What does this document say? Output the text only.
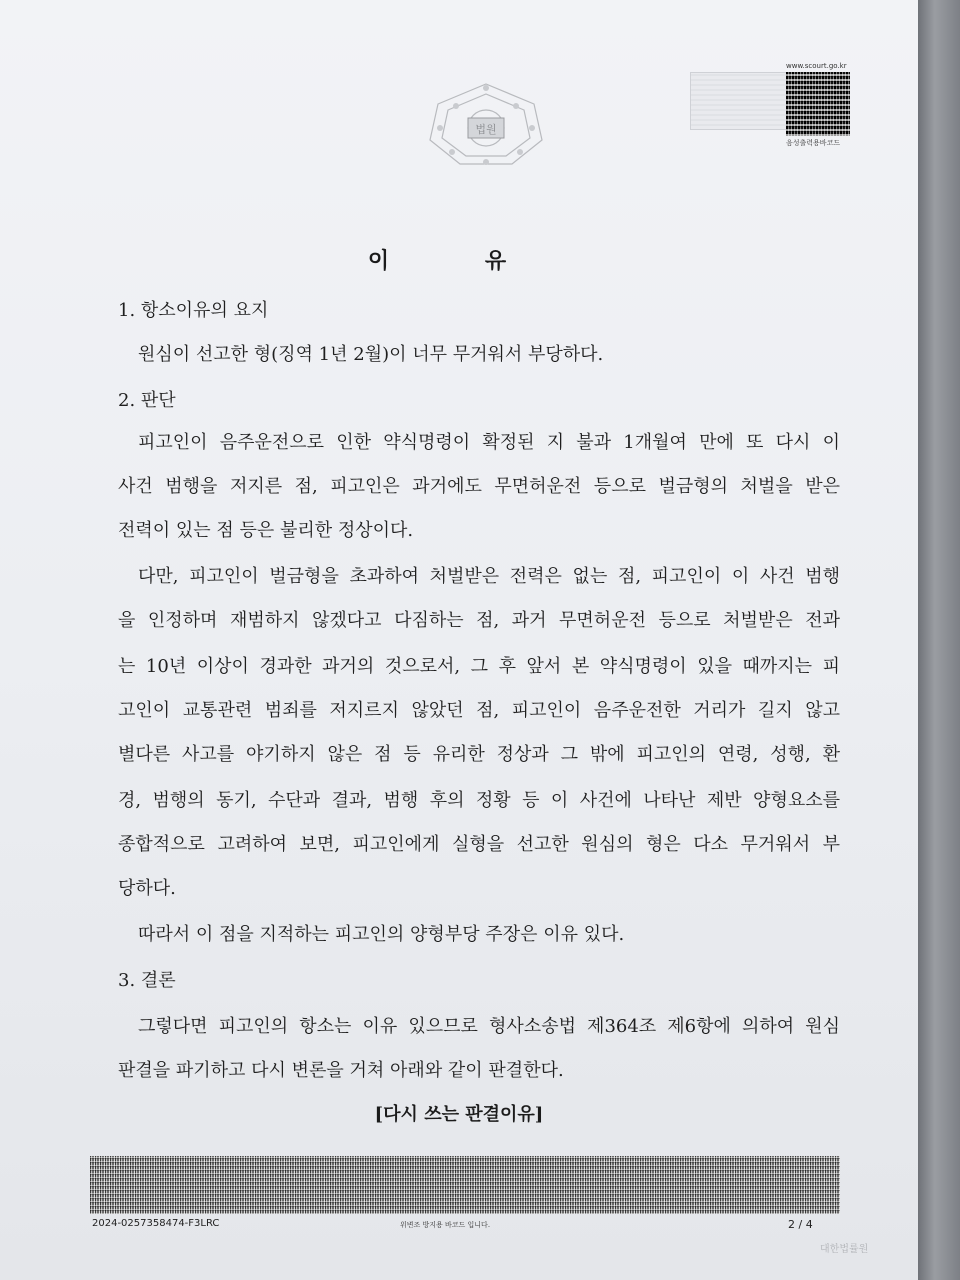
법원
www.scourt.go.kr
음성출력용바코드
이 유
1. 항소이유의 요지
원심이 선고한 형(징역 1년 2월)이 너무 무거워서 부당하다.
2. 판단
피고인이 음주운전으로 인한 약식명령이 확정된 지 불과 1개월여 만에 또 다시 이
사건 범행을 저지른 점, 피고인은 과거에도 무면허운전 등으로 벌금형의 처벌을 받은
전력이 있는 점 등은 불리한 정상이다.
다만, 피고인이 벌금형을 초과하여 처벌받은 전력은 없는 점, 피고인이 이 사건 범행
을 인정하며 재범하지 않겠다고 다짐하는 점, 과거 무면허운전 등으로 처벌받은 전과
는 10년 이상이 경과한 과거의 것으로서, 그 후 앞서 본 약식명령이 있을 때까지는 피
고인이 교통관련 범죄를 저지르지 않았던 점, 피고인이 음주운전한 거리가 길지 않고
별다른 사고를 야기하지 않은 점 등 유리한 정상과 그 밖에 피고인의 연령, 성행, 환
경, 범행의 동기, 수단과 결과, 범행 후의 정황 등 이 사건에 나타난 제반 양형요소를
종합적으로 고려하여 보면, 피고인에게 실형을 선고한 원심의 형은 다소 무거워서 부
당하다.
따라서 이 점을 지적하는 피고인의 양형부당 주장은 이유 있다.
3. 결론
그렇다면 피고인의 항소는 이유 있으므로 형사소송법 제364조 제6항에 의하여 원심
판결을 파기하고 다시 변론을 거쳐 아래와 같이 판결한다.
[다시 쓰는 판결이유]
2024-0257358474-F3LRC	위변조 방지용 바코드 입니다.	2 / 4
대한법률원
